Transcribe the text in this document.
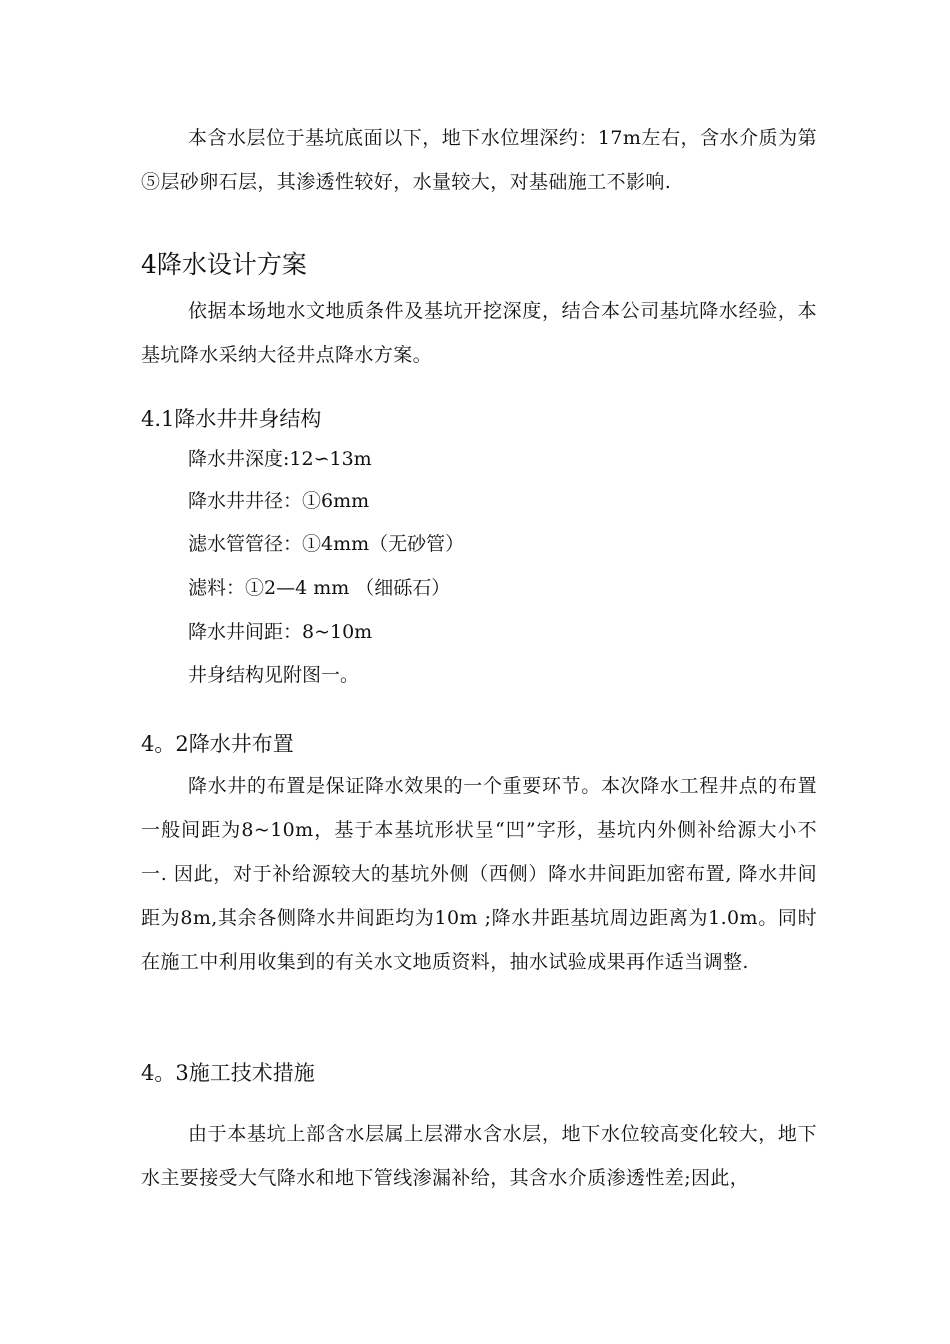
本含水层位于基坑底面以下，地下水位埋深约：17m左右，含水介质为第⑤层砂卵石层，其渗透性较好，水量较大，对基础施工不影响.

4降水设计方案

依据本场地水文地质条件及基坑开挖深度，结合本公司基坑降水经验，本基坑降水采纳大径井点降水方案。

4.1降水井井身结构

降水井深度:12∽13m

降水井井径：①6mm

滤水管管径：①4mm（无砂管）

滤料：①2—4 mm （细砾石）

降水井间距：8~10m

井身结构见附图一。

4。2降水井布置

降水井的布置是保证降水效果的一个重要环节。本次降水工程井点的布置一般间距为8~10m，基于本基坑形状呈“凹”字形，基坑内外侧补给源大小不一. 因此，对于补给源较大的基坑外侧（西侧）降水井间距加密布置, 降水井间距为8m,其余各侧降水井间距均为10m ;降水井距基坑周边距离为1.0m。同时在施工中利用收集到的有关水文地质资料，抽水试验成果再作适当调整.

4。3施工技术措施

由于本基坑上部含水层属上层滞水含水层，地下水位较高变化较大，地下水主要接受大气降水和地下管线渗漏补给，其含水介质渗透性差;因此，
